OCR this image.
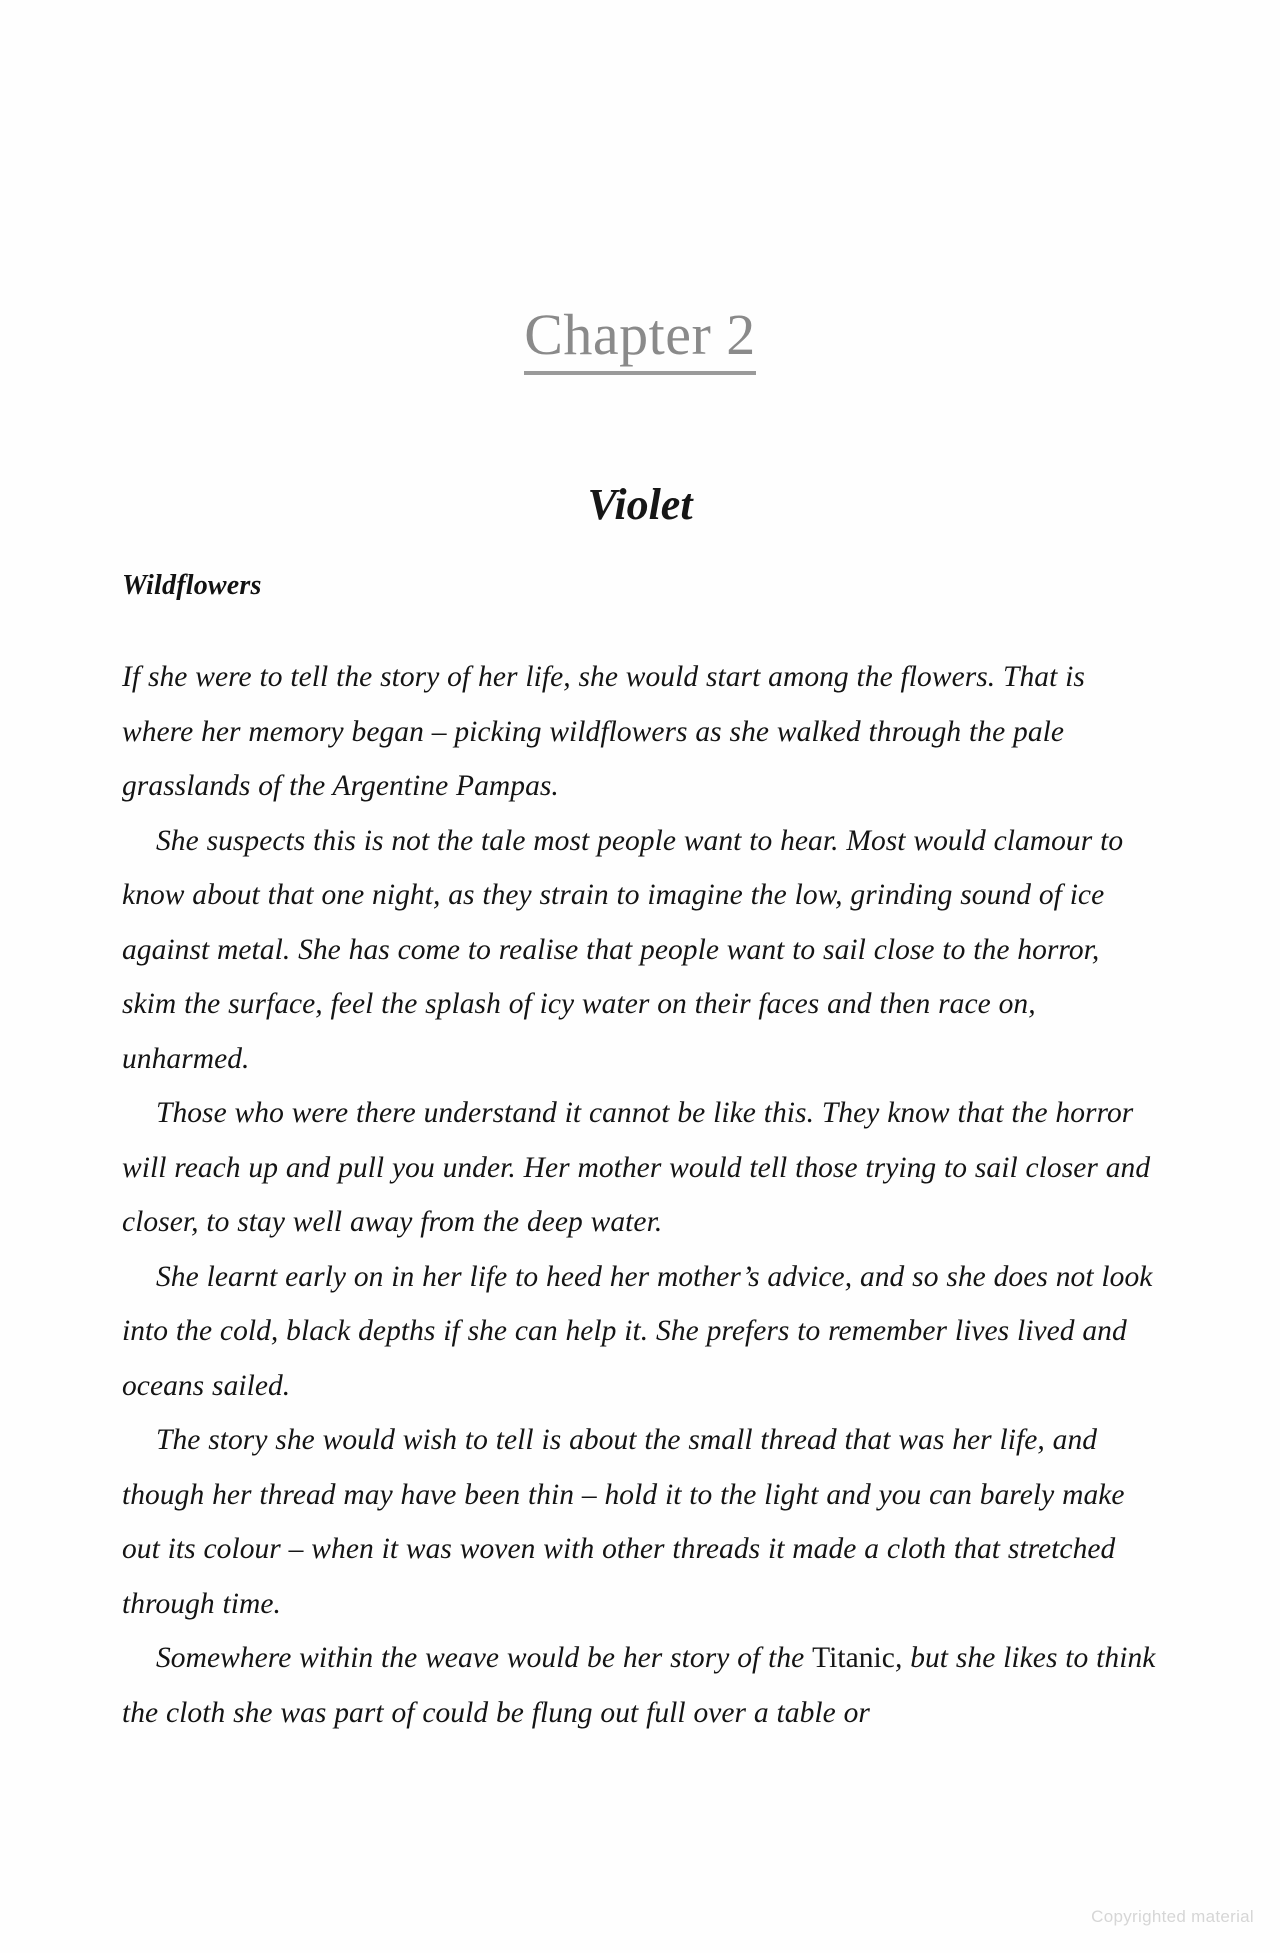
Chapter 2
Violet
Wildflowers

If she were to tell the story of her life, she would start among the flowers. That is where her memory began – picking wildflowers as she walked through the pale grasslands of the Argentine Pampas.

She suspects this is not the tale most people want to hear. Most would clamour to know about that one night, as they strain to imagine the low, grinding sound of ice against metal. She has come to realise that people want to sail close to the horror, skim the surface, feel the splash of icy water on their faces and then race on, unharmed.

Those who were there understand it cannot be like this. They know that the horror will reach up and pull you under. Her mother would tell those trying to sail closer and closer, to stay well away from the deep water.

She learnt early on in her life to heed her mother’s advice, and so she does not look into the cold, black depths if she can help it. She prefers to remember lives lived and oceans sailed.

The story she would wish to tell is about the small thread that was her life, and though her thread may have been thin – hold it to the light and you can barely make out its colour – when it was woven with other threads it made a cloth that stretched through time.

Somewhere within the weave would be her story of the Titanic, but she likes to think the cloth she was part of could be flung out full over a table or

Copyrighted material
